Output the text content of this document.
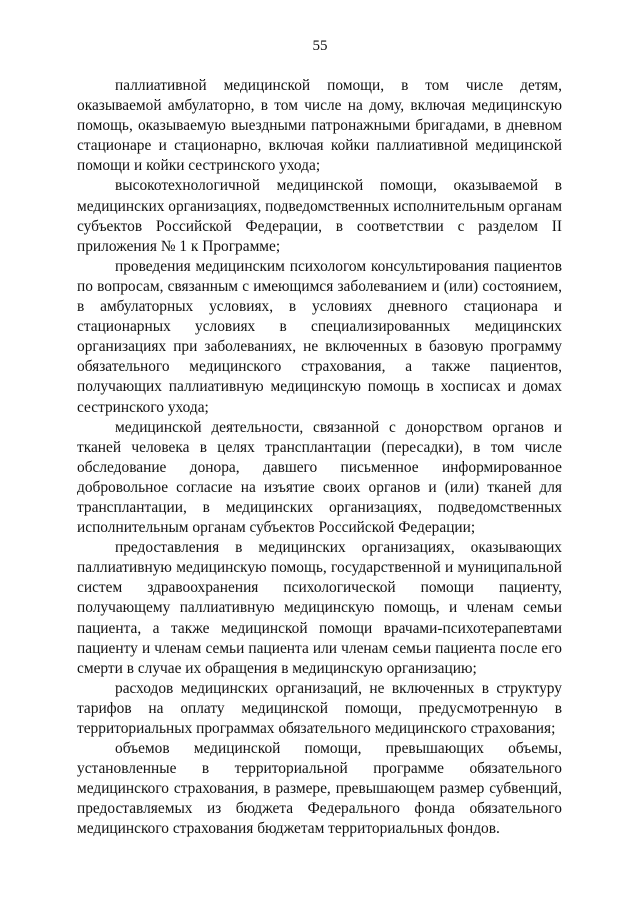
55

паллиативной медицинской помощи, в том числе детям, оказываемой амбулаторно, в том числе на дому, включая медицинскую помощь, оказываемую выездными патронажными бригадами, в дневном стационаре и стационарно, включая койки паллиативной медицинской помощи и койки сестринского ухода;

высокотехнологичной медицинской помощи, оказываемой в медицинских организациях, подведомственных исполнительным органам субъектов Российской Федерации, в соответствии с разделом II приложения № 1 к Программе;

проведения медицинским психологом консультирования пациентов по вопросам, связанным с имеющимся заболеванием и (или) состоянием, в амбулаторных условиях, в условиях дневного стационара и стационарных условиях в специализированных медицинских организациях при заболеваниях, не включенных в базовую программу обязательного медицинского страхования, а также пациентов, получающих паллиативную медицинскую помощь в хосписах и домах сестринского ухода;

медицинской деятельности, связанной с донорством органов и тканей человека в целях трансплантации (пересадки), в том числе обследование донора, давшего письменное информированное добровольное согласие на изъятие своих органов и (или) тканей для трансплантации, в медицинских организациях, подведомственных исполнительным органам субъектов Российской Федерации;

предоставления в медицинских организациях, оказывающих паллиативную медицинскую помощь, государственной и муниципальной систем здравоохранения психологической помощи пациенту, получающему паллиативную медицинскую помощь, и членам семьи пациента, а также медицинской помощи врачами-психотерапевтами пациенту и членам семьи пациента или членам семьи пациента после его смерти в случае их обращения в медицинскую организацию;

расходов медицинских организаций, не включенных в структуру тарифов на оплату медицинской помощи, предусмотренную в территориальных программах обязательного медицинского страхования;

объемов медицинской помощи, превышающих объемы, установленные в территориальной программе обязательного медицинского страхования, в размере, превышающем размер субвенций, предоставляемых из бюджета Федерального фонда обязательного медицинского страхования бюджетам территориальных фондов.
